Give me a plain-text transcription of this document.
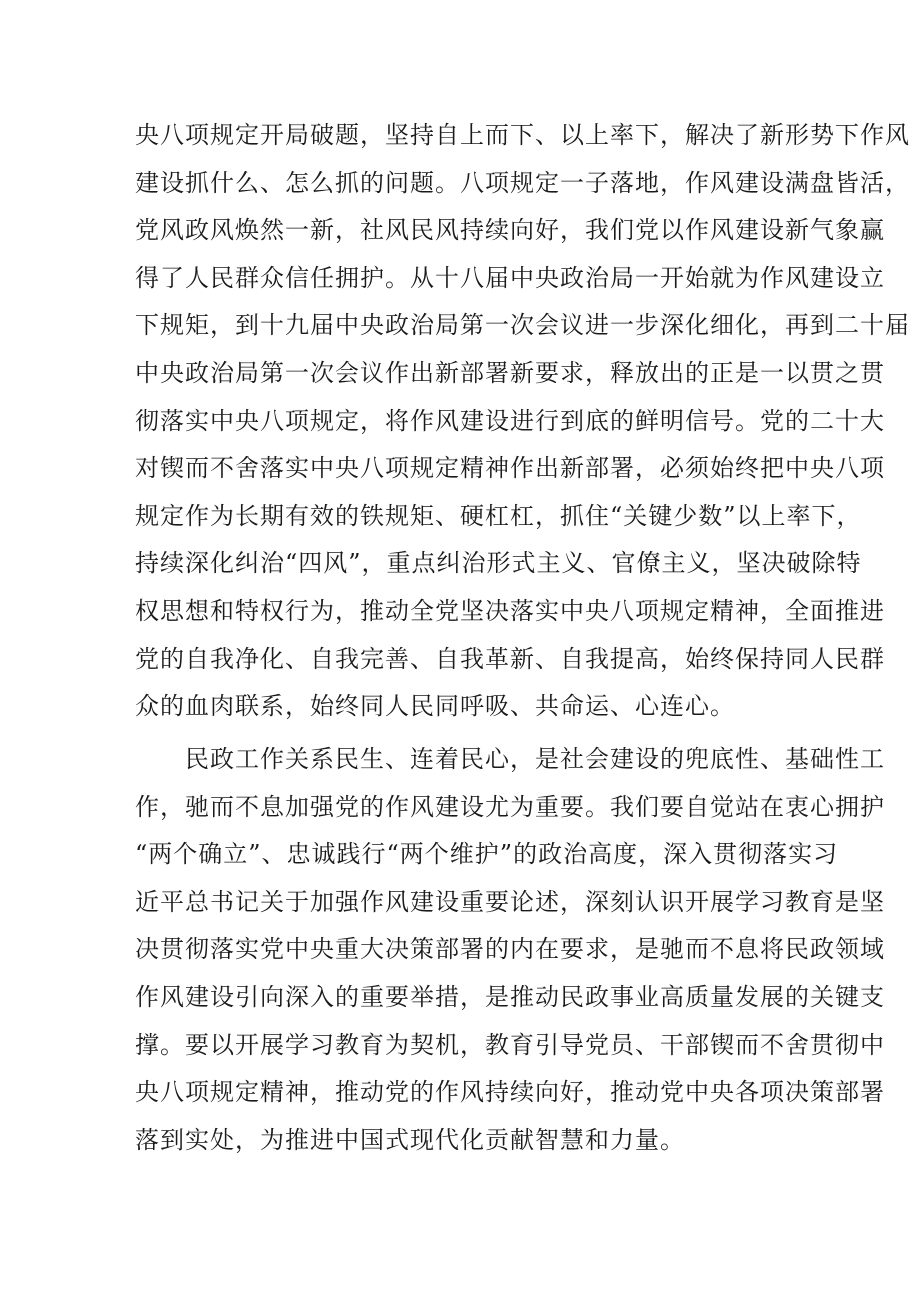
央八项规定开局破题，坚持自上而下、以上率下，解决了新形势下作风
建设抓什么、怎么抓的问题。八项规定一子落地，作风建设满盘皆活，
党风政风焕然一新，社风民风持续向好，我们党以作风建设新气象赢
得了人民群众信任拥护。从十八届中央政治局一开始就为作风建设立
下规矩，到十九届中央政治局第一次会议进一步深化细化，再到二十届
中央政治局第一次会议作出新部署新要求，释放出的正是一以贯之贯
彻落实中央八项规定，将作风建设进行到底的鲜明信号。党的二十大
对锲而不舍落实中央八项规定精神作出新部署，必须始终把中央八项
规定作为长期有效的铁规矩、硬杠杠，抓住“关键少数”以上率下，
持续深化纠治“四风”，重点纠治形式主义、官僚主义，坚决破除特
权思想和特权行为，推动全党坚决落实中央八项规定精神，全面推进
党的自我净化、自我完善、自我革新、自我提高，始终保持同人民群
众的血肉联系，始终同人民同呼吸、共命运、心连心。
　　民政工作关系民生、连着民心，是社会建设的兜底性、基础性工
作，驰而不息加强党的作风建设尤为重要。我们要自觉站在衷心拥护
“两个确立”、忠诚践行“两个维护”的政治高度，深入贯彻落实习
近平总书记关于加强作风建设重要论述，深刻认识开展学习教育是坚
决贯彻落实党中央重大决策部署的内在要求，是驰而不息将民政领域
作风建设引向深入的重要举措，是推动民政事业高质量发展的关键支
撑。要以开展学习教育为契机，教育引导党员、干部锲而不舍贯彻中
央八项规定精神，推动党的作风持续向好，推动党中央各项决策部署
落到实处，为推进中国式现代化贡献智慧和力量。
